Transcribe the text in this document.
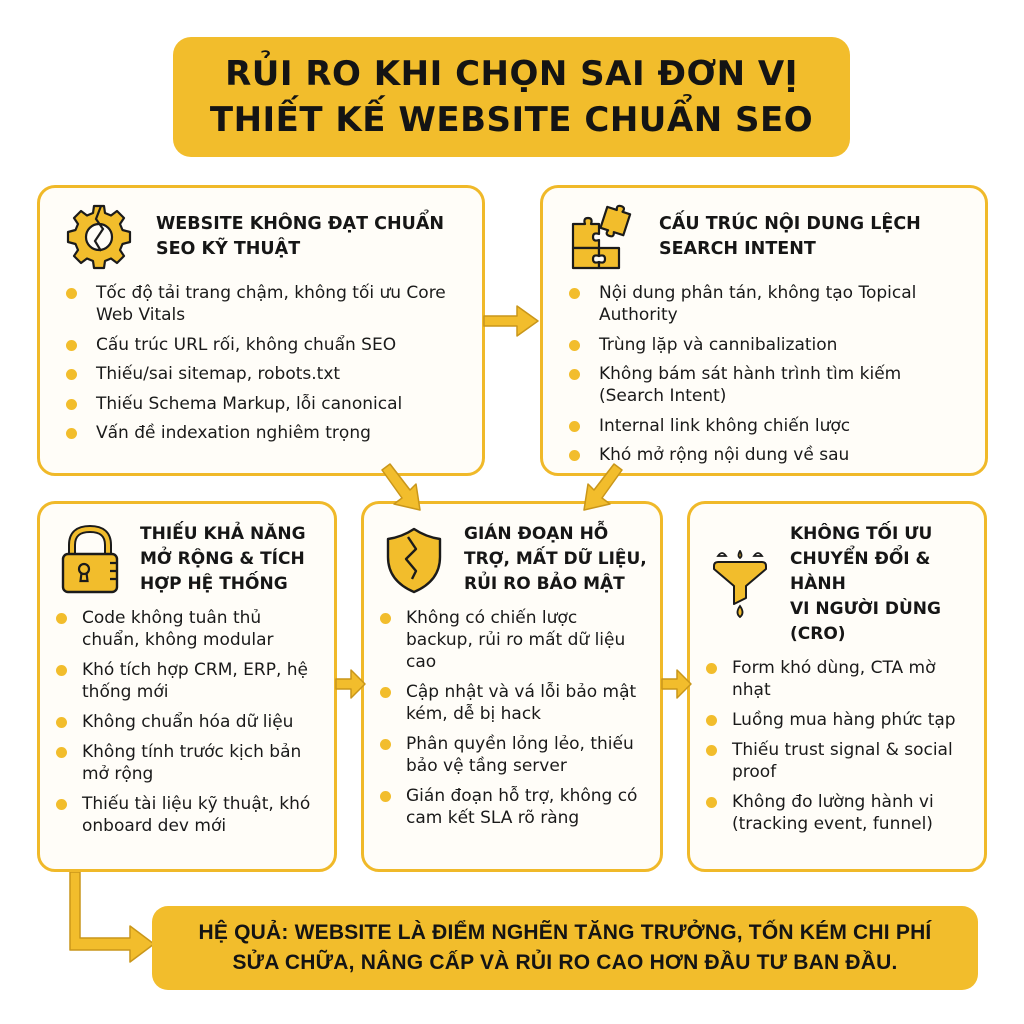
RỦI RO KHI CHỌN SAI ĐƠN VỊ
THIẾT KẾ WEBSITE CHUẨN SEO
WEBSITE KHÔNG ĐẠT CHUẨN
SEO KỸ THUẬT
Tốc độ tải trang chậm, không tối ưu Core Web Vitals
Cấu trúc URL rối, không chuẩn SEO
Thiếu/sai sitemap, robots.txt
Thiếu Schema Markup, lỗi canonical
Vấn đề indexation nghiêm trọng
CẤU TRÚC NỘI DUNG LỆCH
SEARCH INTENT
Nội dung phân tán, không tạo Topical Authority
Trùng lặp và cannibalization
Không bám sát hành trình tìm kiếm (Search Intent)
Internal link không chiến lược
Khó mở rộng nội dung về sau
THIẾU KHẢ NĂNG
MỞ RỘNG & TÍCH
HỢP HỆ THỐNG
Code không tuân thủ chuẩn, không modular
Khó tích hợp CRM, ERP, hệ thống mới
Không chuẩn hóa dữ liệu
Không tính trước kịch bản mở rộng
Thiếu tài liệu kỹ thuật, khó onboard dev mới
GIÁN ĐOẠN HỖ
TRỢ, MẤT DỮ LIỆU,
RỦI RO BẢO MẬT
Không có chiến lược backup, rủi ro mất dữ liệu cao
Cập nhật và vá lỗi bảo mật kém, dễ bị hack
Phân quyền lỏng lẻo, thiếu bảo vệ tầng server
Gián đoạn hỗ trợ, không có cam kết SLA rõ ràng
KHÔNG TỐI ƯU
CHUYỂN ĐỔI & HÀNH
VI NGƯỜI DÙNG (CRO)
Form khó dùng, CTA mờ nhạt
Luồng mua hàng phức tạp
Thiếu trust signal & social proof
Không đo lường hành vi (tracking event, funnel)
HỆ QUẢ: WEBSITE LÀ ĐIỂM NGHẼN TĂNG TRƯỞNG, TỐN KÉM CHI PHÍ
SỬA CHỮA, NÂNG CẤP VÀ RỦI RO CAO HƠN ĐẦU TƯ BAN ĐẦU.
